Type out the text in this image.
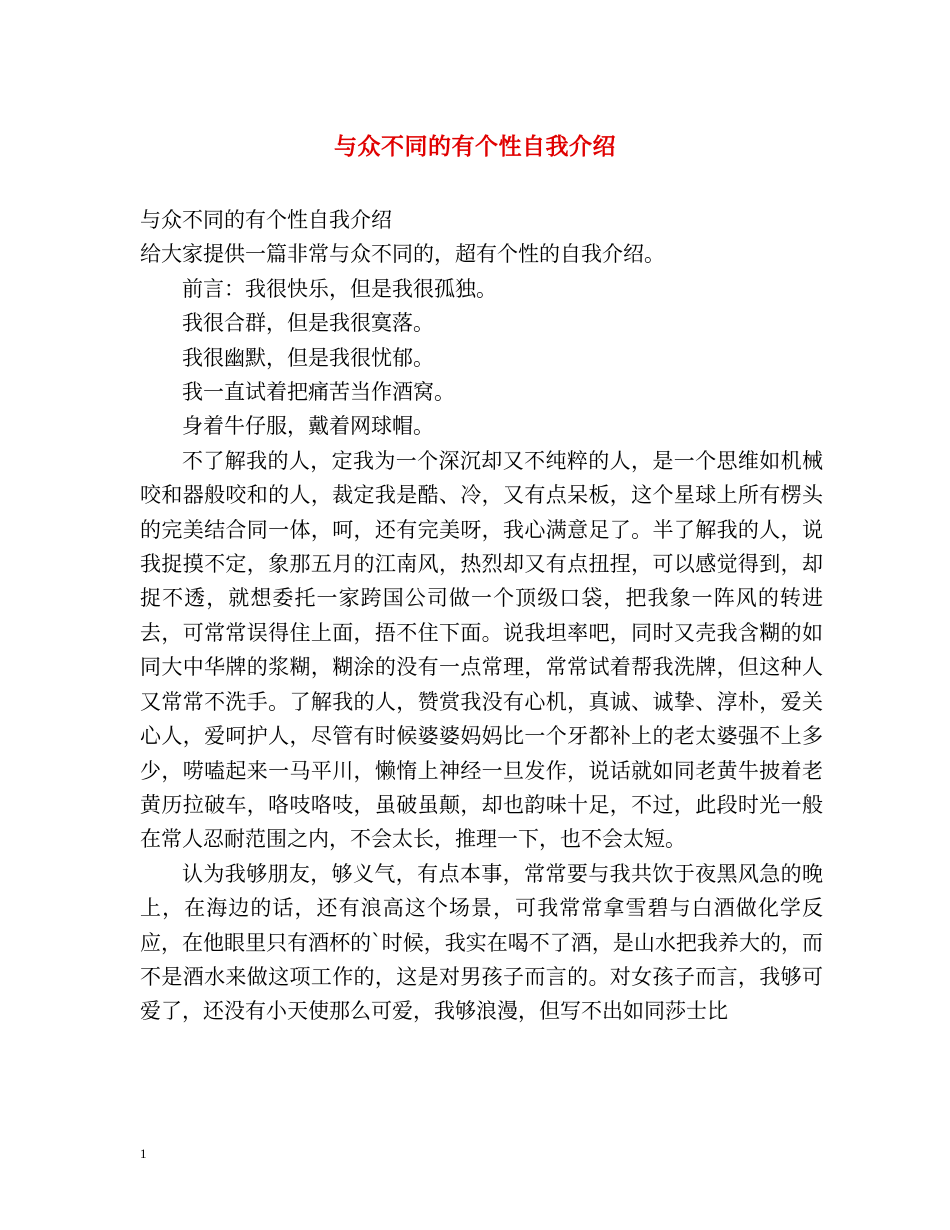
与众不同的有个性自我介绍

与众不同的有个性自我介绍

给大家提供一篇非常与众不同的，超有个性的自我介绍。

前言：我很快乐，但是我很孤独。

我很合群，但是我很寞落。

我很幽默，但是我很忧郁。

我一直试着把痛苦当作酒窝。

身着牛仔服，戴着网球帽。

不了解我的人，定我为一个深沉却又不纯粹的人，是一个思维如机械咬和器般咬和的人，裁定我是酷、冷，又有点呆板，这个星球上所有楞头的完美结合同一体，呵，还有完美呀，我心满意足了。半了解我的人，说我捉摸不定，象那五月的江南风，热烈却又有点扭捏，可以感觉得到，却捉不透，就想委托一家跨国公司做一个顶级口袋，把我象一阵风的转进去，可常常误得住上面，捂不住下面。说我坦率吧，同时又壳我含糊的如同大中华牌的浆糊，糊涂的没有一点常理，常常试着帮我洗牌，但这种人又常常不洗手。了解我的人，赞赏我没有心机，真诚、诚挚、淳朴，爱关心人，爱呵护人，尽管有时候婆婆妈妈比一个牙都补上的老太婆强不上多少，唠嗑起来一马平川，懒惰上神经一旦发作，说话就如同老黄牛披着老黄历拉破车，咯吱咯吱，虽破虽颠，却也韵味十足，不过，此段时光一般在常人忍耐范围之内，不会太长，推理一下，也不会太短。

认为我够朋友，够义气，有点本事，常常要与我共饮于夜黑风急的晚上，在海边的话，还有浪高这个场景，可我常常拿雪碧与白酒做化学反应，在他眼里只有酒杯的`时候，我实在喝不了酒，是山水把我养大的，而不是酒水来做这项工作的，这是对男孩子而言的。对女孩子而言，我够可爱了，还没有小天使那么可爱，我够浪漫，但写不出如同莎士比

1
